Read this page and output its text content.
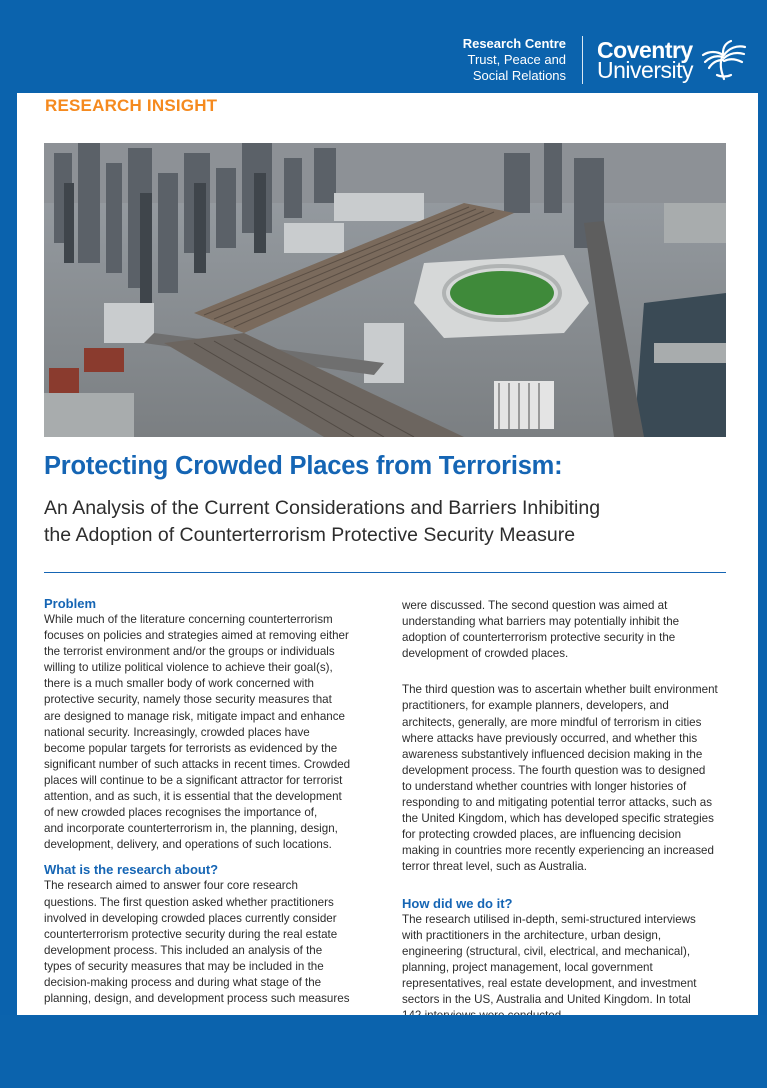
Research Centre
Trust, Peace and
Social Relations
Coventry
University
RESEARCH INSIGHT
Protecting Crowded Places from Terrorism:
An Analysis of the Current Considerations and Barriers Inhibiting
the Adoption of Counterterrorism Protective Security Measure
Problem

While much of the literature concerning counterterrorism
focuses on policies and strategies aimed at removing either
the terrorist environment and/or the groups or individuals
willing to utilize political violence to achieve their goal(s),
there is a much smaller body of work concerned with
protective security, namely those security measures that
are designed to manage risk, mitigate impact and enhance
national security. Increasingly, crowded places have
become popular targets for terrorists as evidenced by the
significant number of such attacks in recent times. Crowded
places will continue to be a significant attractor for terrorist
attention, and as such, it is essential that the development
of new crowded places recognises the importance of,
and incorporate counterterrorism in, the planning, design,
development, delivery, and operations of such locations.

What is the research about?

The research aimed to answer four core research
questions. The first question asked whether practitioners
involved in developing crowded places currently consider
counterterrorism protective security during the real estate
development process. This included an analysis of the
types of security measures that may be included in the
decision-making process and during what stage of the
planning, design, and development process such measures

were discussed. The second question was aimed at
understanding what barriers may potentially inhibit the
adoption of counterterrorism protective security in the
development of crowded places.

The third question was to ascertain whether built environment
practitioners, for example planners, developers, and
architects, generally, are more mindful of terrorism in cities
where attacks have previously occurred, and whether this
awareness substantively influenced decision making in the
development process. The fourth question was to designed
to understand whether countries with longer histories of
responding to and mitigating potential terror attacks, such as
the United Kingdom, which has developed specific strategies
for protecting crowded places, are influencing decision
making in countries more recently experiencing an increased
terror threat level, such as Australia.

How did we do it?

The research utilised in-depth, semi-structured interviews
with practitioners in the architecture, urban design,
engineering (structural, civil, electrical, and mechanical),
planning, project management, local government
representatives, real estate development, and investment
sectors in the US, Australia and United Kingdom. In total
